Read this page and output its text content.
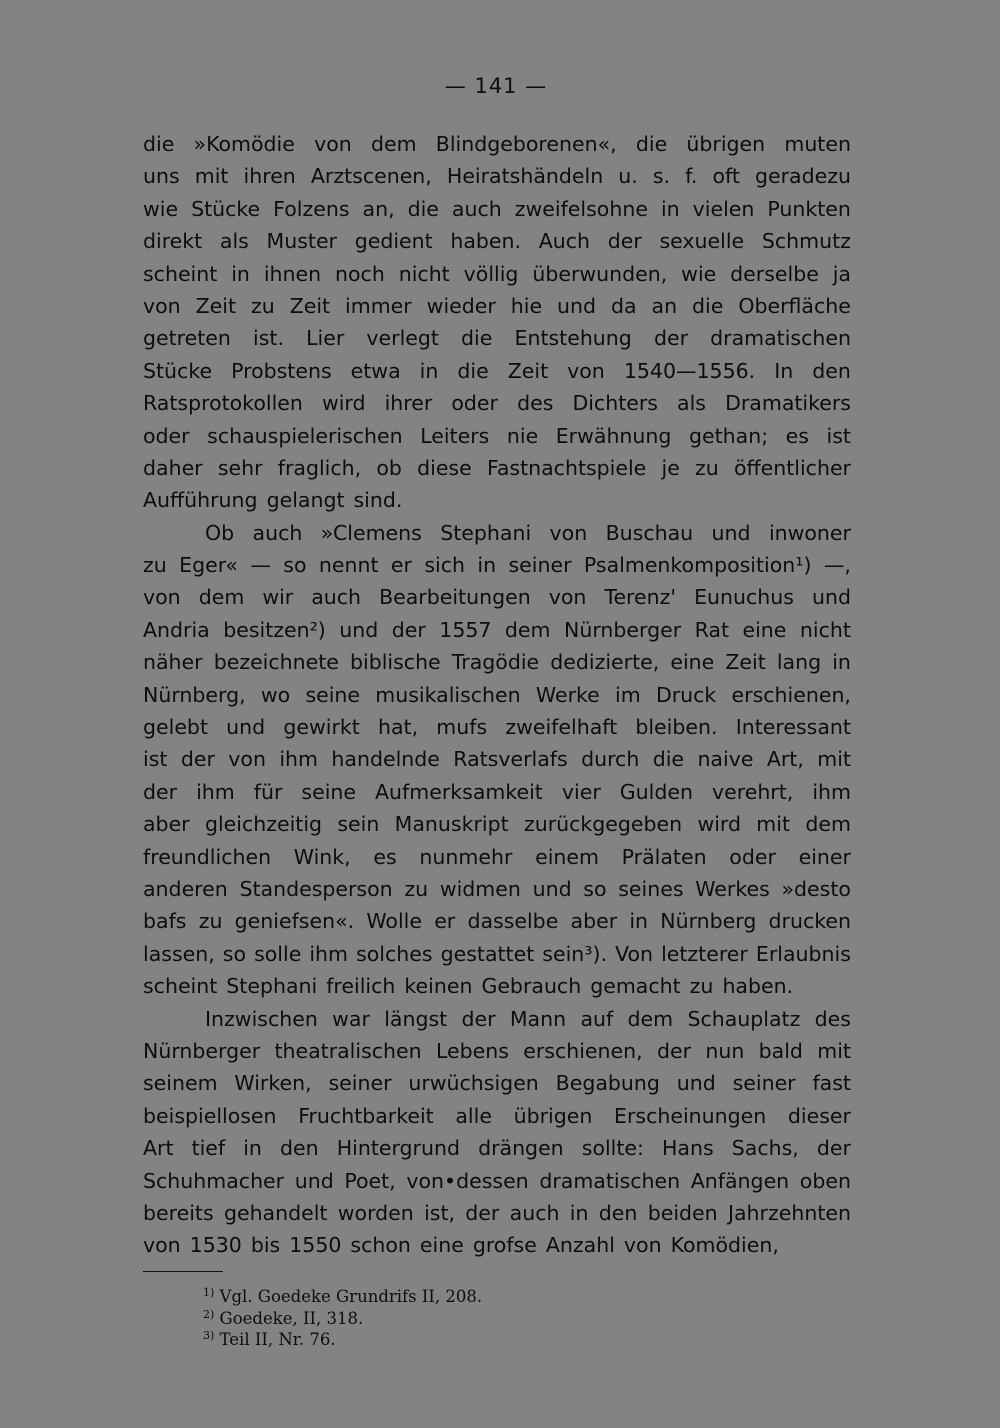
— 141 —
die »Komödie von dem Blindgeborenen«, die übrigen muten
uns mit ihren Arztscenen, Heiratshändeln u. s. f. oft geradezu
wie Stücke Folzens an, die auch zweifelsohne in vielen Punkten
direkt als Muster gedient haben. Auch der sexuelle Schmutz
scheint in ihnen noch nicht völlig überwunden, wie derselbe ja
von Zeit zu Zeit immer wieder hie und da an die Oberfläche
getreten ist. Lier verlegt die Entstehung der dramatischen
Stücke Probstens etwa in die Zeit von 1540—1556. In den
Ratsprotokollen wird ihrer oder des Dichters als Dramatikers
oder schauspielerischen Leiters nie Erwähnung gethan; es ist
daher sehr fraglich, ob diese Fastnachtspiele je zu öffentlicher
Aufführung gelangt sind.
Ob auch »Clemens Stephani von Buschau und inwoner
zu Eger« — so nennt er sich in seiner Psalmenkomposition¹) —,
von dem wir auch Bearbeitungen von Terenz' Eunuchus und
Andria besitzen²) und der 1557 dem Nürnberger Rat eine nicht
näher bezeichnete biblische Tragödie dedizierte, eine Zeit lang in
Nürnberg, wo seine musikalischen Werke im Druck erschienen,
gelebt und gewirkt hat, mufs zweifelhaft bleiben. Interessant
ist der von ihm handelnde Ratsverlafs durch die naive Art, mit
der ihm für seine Aufmerksamkeit vier Gulden verehrt, ihm
aber gleichzeitig sein Manuskript zurückgegeben wird mit dem
freundlichen Wink, es nunmehr einem Prälaten oder einer
anderen Standesperson zu widmen und so seines Werkes »desto
bafs zu geniefsen«. Wolle er dasselbe aber in Nürnberg drucken
lassen, so solle ihm solches gestattet sein³). Von letzterer Erlaubnis
scheint Stephani freilich keinen Gebrauch gemacht zu haben.
Inzwischen war längst der Mann auf dem Schauplatz des
Nürnberger theatralischen Lebens erschienen, der nun bald mit
seinem Wirken, seiner urwüchsigen Begabung und seiner fast
beispiellosen Fruchtbarkeit alle übrigen Erscheinungen dieser
Art tief in den Hintergrund drängen sollte: Hans Sachs, der
Schuhmacher und Poet, von•dessen dramatischen Anfängen oben
bereits gehandelt worden ist, der auch in den beiden Jahrzehnten
von 1530 bis 1550 schon eine grofse Anzahl von Komödien,
$^{1)}$ Vgl. Goedeke Grundrifs II, 208.
$^{2)}$ Goedeke, II, 318.
$^{3)}$ Teil II, Nr. 76.
